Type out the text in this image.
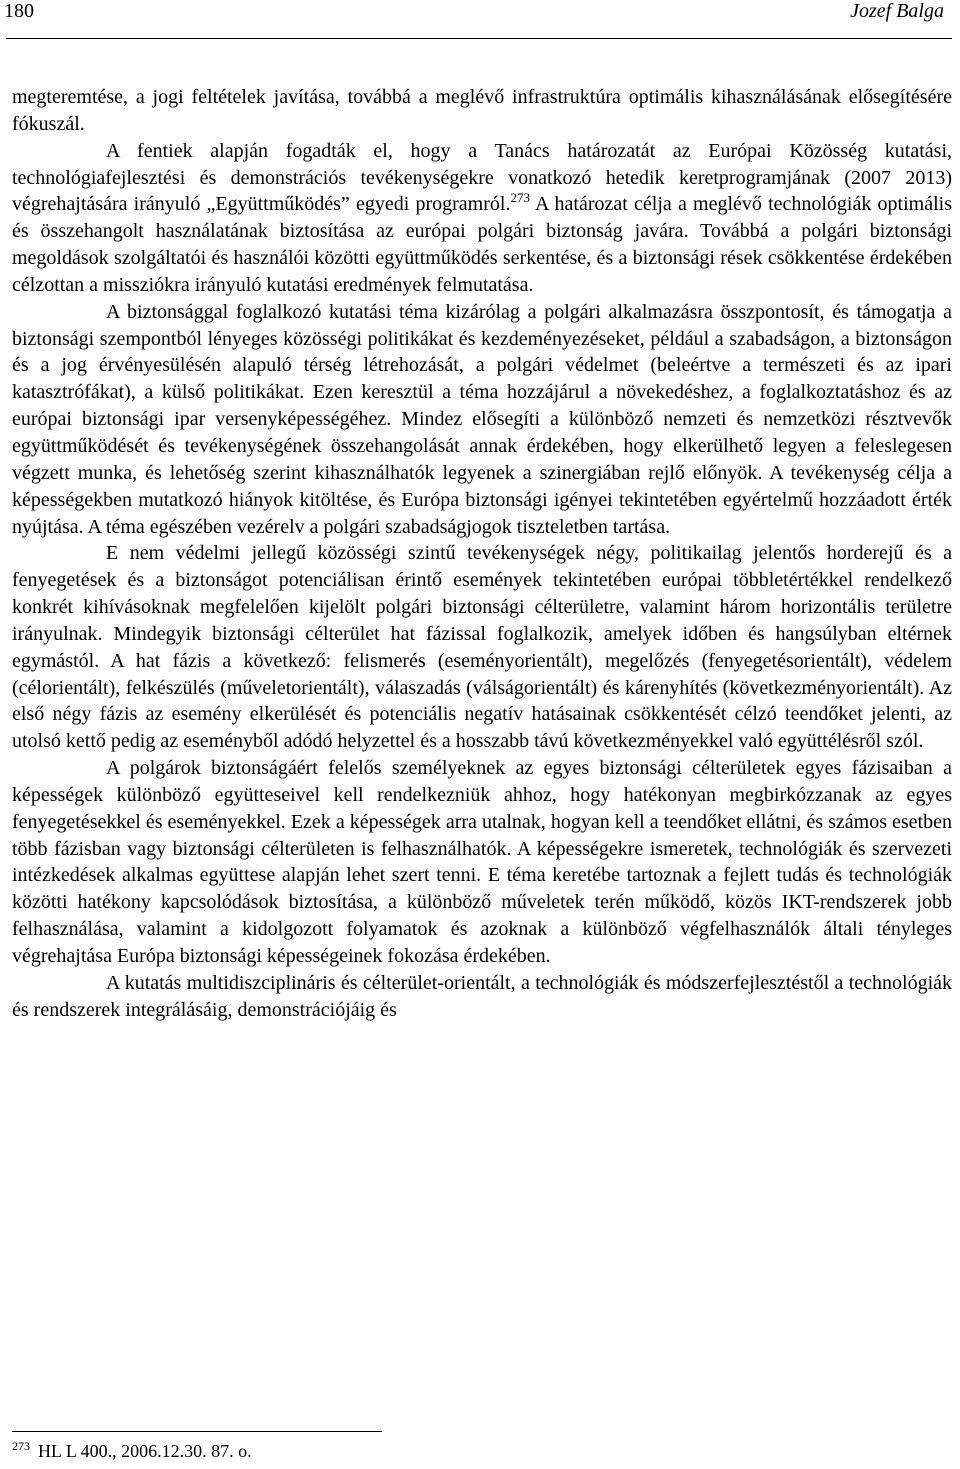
180	Jozef Balga

megteremtése, a jogi feltételek javítása, továbbá a meglévő infrastruktúra optimális kihasználásának elősegítésére fókuszál.

A fentiek alapján fogadták el, hogy a Tanács határozatát az Európai Közösség kutatási, technológiafejlesztési és demonstrációs tevékenységekre vonatkozó hetedik keretprogramjának (2007 2013) végrehajtására irányuló „Együttműködés” egyedi programról.$^{273}$ A határozat célja a meglévő technológiák optimális és összehangolt használatának biztosítása az európai polgári biztonság javára. Továbbá a polgári biztonsági megoldások szolgáltatói és használói közötti együttműködés serkentése, és a biztonsági rések csökkentése érdekében célzottan a missziókra irányuló kutatási eredmények felmutatása.

A biztonsággal foglalkozó kutatási téma kizárólag a polgári alkalmazásra összpontosít, és támogatja a biztonsági szempontból lényeges közösségi politikákat és kezdeményezéseket, például a szabadságon, a biztonságon és a jog érvényesülésén alapuló térség létrehozását, a polgári védelmet (beleértve a természeti és az ipari katasztrófákat), a külső politikákat. Ezen keresztül a téma hozzájárul a növekedéshez, a foglalkoztatáshoz és az európai biztonsági ipar versenyképességéhez. Mindez elősegíti a különböző nemzeti és nemzetközi résztvevők együttműködését és tevékenységének összehangolását annak érdekében, hogy elkerülhető legyen a feleslegesen végzett munka, és lehetőség szerint kihasználhatók legyenek a szinergiában rejlő előnyök. A tevékenység célja a képességekben mutatkozó hiányok kitöltése, és Európa biztonsági igényei tekintetében egyértelmű hozzáadott érték nyújtása. A téma egészében vezérelv a polgári szabadságjogok tiszteletben tartása.

E nem védelmi jellegű közösségi szintű tevékenységek négy, politikailag jelentős horderejű és a fenyegetések és a biztonságot potenciálisan érintő események tekintetében európai többletértékkel rendelkező konkrét kihívásoknak megfelelően kijelölt polgári biztonsági célterületre, valamint három horizontális területre irányulnak. Mindegyik biztonsági célterület hat fázissal foglalkozik, amelyek időben és hangsúlyban eltérnek egymástól. A hat fázis a következő: felismerés (eseményorientált), megelőzés (fenyegetésorientált), védelem (célorientált), felkészülés (műveletorientált), válaszadás (válságorientált) és kárenyhítés (következményorientált). Az első négy fázis az esemény elkerülését és potenciális negatív hatásainak csökkentését célzó teendőket jelenti, az utolsó kettő pedig az eseményből adódó helyzettel és a hosszabb távú következményekkel való együttélésről szól.

A polgárok biztonságáért felelős személyeknek az egyes biztonsági célterületek egyes fázisaiban a képességek különböző együtteseivel kell rendelkezniük ahhoz, hogy hatékonyan megbirkózzanak az egyes fenyegetésekkel és eseményekkel. Ezek a képességek arra utalnak, hogyan kell a teendőket ellátni, és számos esetben több fázisban vagy biztonsági célterületen is felhasználhatók. A képességekre ismeretek, technológiák és szervezeti intézkedések alkalmas együttese alapján lehet szert tenni. E téma keretébe tartoznak a fejlett tudás és technológiák közötti hatékony kapcsolódások biztosítása, a különböző műveletek terén működő, közös IKT-rendszerek jobb felhasználása, valamint a kidolgozott folyamatok és azoknak a különböző végfelhasználók általi tényleges végrehajtása Európa biztonsági képességeinek fokozása érdekében.

A kutatás multidiszciplináris és célterület-orientált, a technológiák és módszerfejlesztéstől a technológiák és rendszerek integrálásáig, demonstrációjáig és

$^{273}$ HL L 400., 2006.12.30. 87. o.
